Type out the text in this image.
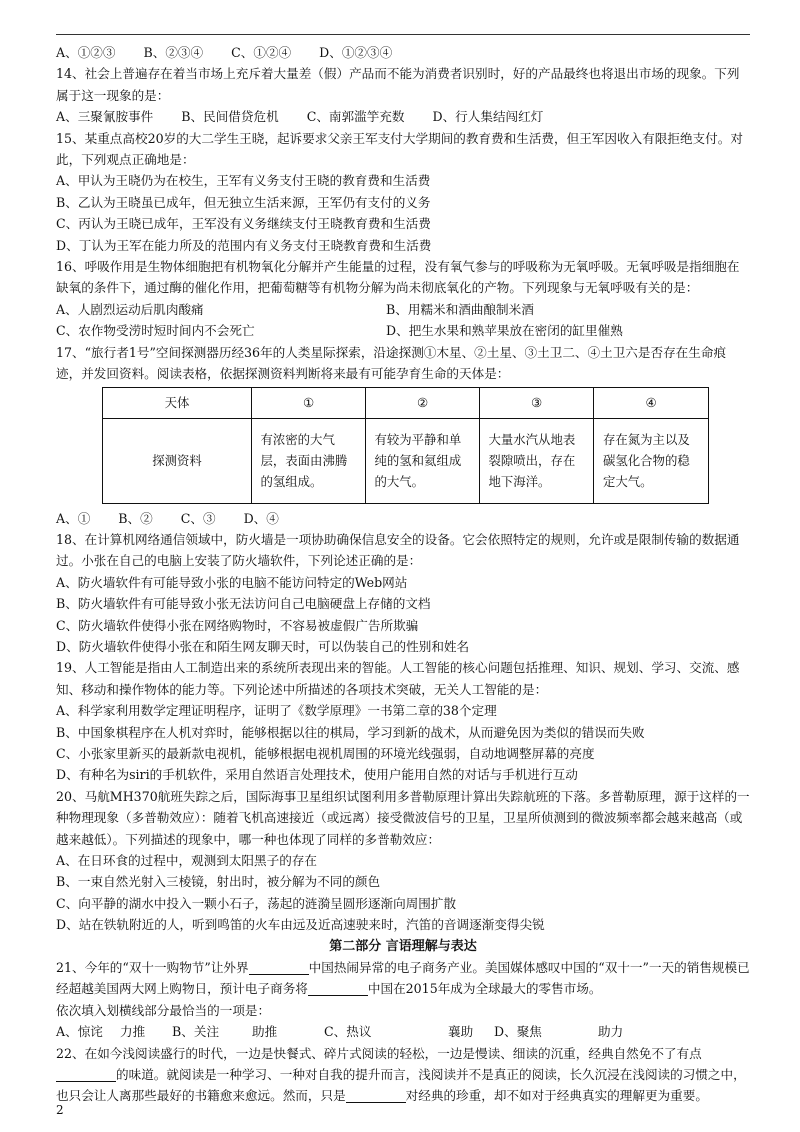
A、①②③ B、②③④ C、①②④ D、①②③④

14、社会上普遍存在着当市场上充斥着大量差（假）产品而不能为消费者识别时，好的产品最终也将退出市场的现象。下列属于这一现象的是：

A、三聚氰胺事件 B、民间借贷危机 C、南郭滥竽充数 D、行人集结闯红灯

15、某重点高校20岁的大二学生王晓，起诉要求父亲王军支付大学期间的教育费和生活费，但王军因收入有限拒绝支付。对此，下列观点正确地是：

A、甲认为王晓仍为在校生，王军有义务支付王晓的教育费和生活费

B、乙认为王晓虽已成年，但无独立生活来源，王军仍有支付的义务

C、丙认为王晓已成年，王军没有义务继续支付王晓教育费和生活费

D、丁认为王军在能力所及的范围内有义务支付王晓教育费和生活费

16、呼吸作用是生物体细胞把有机物氧化分解并产生能量的过程，没有氧气参与的呼吸称为无氧呼吸。无氧呼吸是指细胞在缺氧的条件下，通过酶的催化作用，把葡萄糖等有机物分解为尚未彻底氧化的产物。下列现象与无氧呼吸有关的是：

A、人剧烈运动后肌肉酸痛	B、用糯米和酒曲酿制米酒
C、农作物受涝时短时间内不会死亡	D、把生水果和熟苹果放在密闭的缸里催熟

17、“旅行者1号”空间探测器历经36年的人类星际探索，沿途探测①木星、②土星、③土卫二、④土卫六是否存在生命痕迹，并发回资料。阅读表格，依据探测资料判断将来最有可能孕育生命的天体是：

天体	①	②	③	④
探测资料	有浓密的大气层，表面由沸腾的氢组成。	有较为平静和单纯的氢和氦组成的大气。	大量水汽从地表裂隙喷出，存在地下海洋。	存在氮为主以及碳氢化合物的稳定大气。

A、① B、② C、③ D、④

18、在计算机网络通信领域中，防火墙是一项协助确保信息安全的设备。它会依照特定的规则，允许或是限制传输的数据通过。小张在自己的电脑上安装了防火墙软件，下列论述正确的是：

A、防火墙软件有可能导致小张的电脑不能访问特定的Web网站

B、防火墙软件有可能导致小张无法访问自己电脑硬盘上存储的文档

C、防火墙软件使得小张在网络购物时，不容易被虚假广告所欺骗

D、防火墙软件使得小张在和陌生网友聊天时，可以伪装自己的性别和姓名

19、人工智能是指由人工制造出来的系统所表现出来的智能。人工智能的核心问题包括推理、知识、规划、学习、交流、感知、移动和操作物体的能力等。下列论述中所描述的各项技术突破，无关人工智能的是：

A、科学家利用数学定理证明程序，证明了《数学原理》一书第二章的38个定理

B、中国象棋程序在人机对弈时，能够根据以往的棋局，学习到新的战术，从而避免因为类似的错误而失败

C、小张家里新买的最新款电视机，能够根据电视机周围的环境光线强弱，自动地调整屏幕的亮度

D、有种名为siri的手机软件，采用自然语言处理技术，使用户能用自然的对话与手机进行互动

20、马航MH370航班失踪之后，国际海事卫星组织试图利用多普勒原理计算出失踪航班的下落。多普勒原理，源于这样的一种物理现象（多普勒效应）：随着飞机高速接近（或远离）接受微波信号的卫星，卫星所侦测到的微波频率都会越来越高（或越来越低）。下列描述的现象中，哪一种也体现了同样的多普勒效应：

A、在日环食的过程中，观测到太阳黑子的存在

B、一束自然光射入三棱镜，射出时，被分解为不同的颜色

C、向平静的湖水中投入一颗小石子，荡起的涟漪呈圆形逐渐向周围扩散

D、站在铁轨附近的人，听到鸣笛的火车由远及近高速驶来时，汽笛的音调逐渐变得尖锐

第二部分 言语理解与表达

21、今年的“双十一购物节”让外界	中国热闹异常的电子商务产业。美国媒体感叹中国的“双十一”一天的销售规模已经超越美国两大网上购物日，预计电子商务将	中国在2015年成为全球最大的零售市场。

依次填入划横线部分最恰当的一项是：

A、惊诧	力推	B、关注	助推	C、热议	襄助	D、聚焦	助力

22、在如今浅阅读盛行的时代，一边是快餐式、碎片式阅读的轻松，一边是慢读、细读的沉重，经典自然免不了有点的味道。就阅读是一种学习、一种对自我的提升而言，浅阅读并不是真正的阅读，长久沉浸在浅阅读的习惯之中，也只会让人离那些最好的书籍愈来愈远。然而，只是	对经典的珍重，却不如对于经典真实的理解更为重要。

2
